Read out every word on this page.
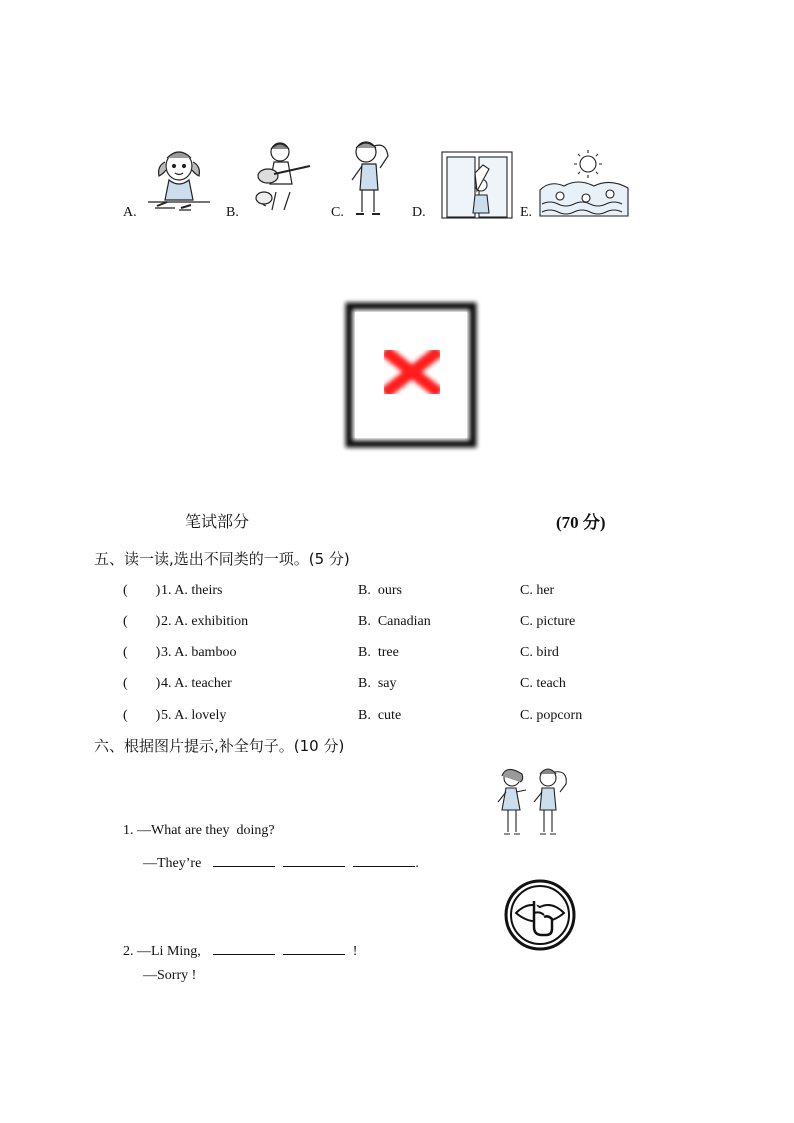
A.	B.	C.	D.	E.
笔试部分	(70 分)
五、读一读,选出不同类的一项。(5 分)
(        ) 1. A. theirs	B.  ours	C. her
(        ) 2. A. exhibition	B.  Canadian	C. picture
(        ) 3. A. bamboo	B.  tree	C. bird
(        ) 4. A. teacher	B.  say	C. teach
(        ) 5. A. lovely	B.  cute	C. popcorn
六、根据图片提示,补全句子。(10 分)
1. —What are they  doing?
—They’re	.
2. —Li Ming,	!
—Sorry !
